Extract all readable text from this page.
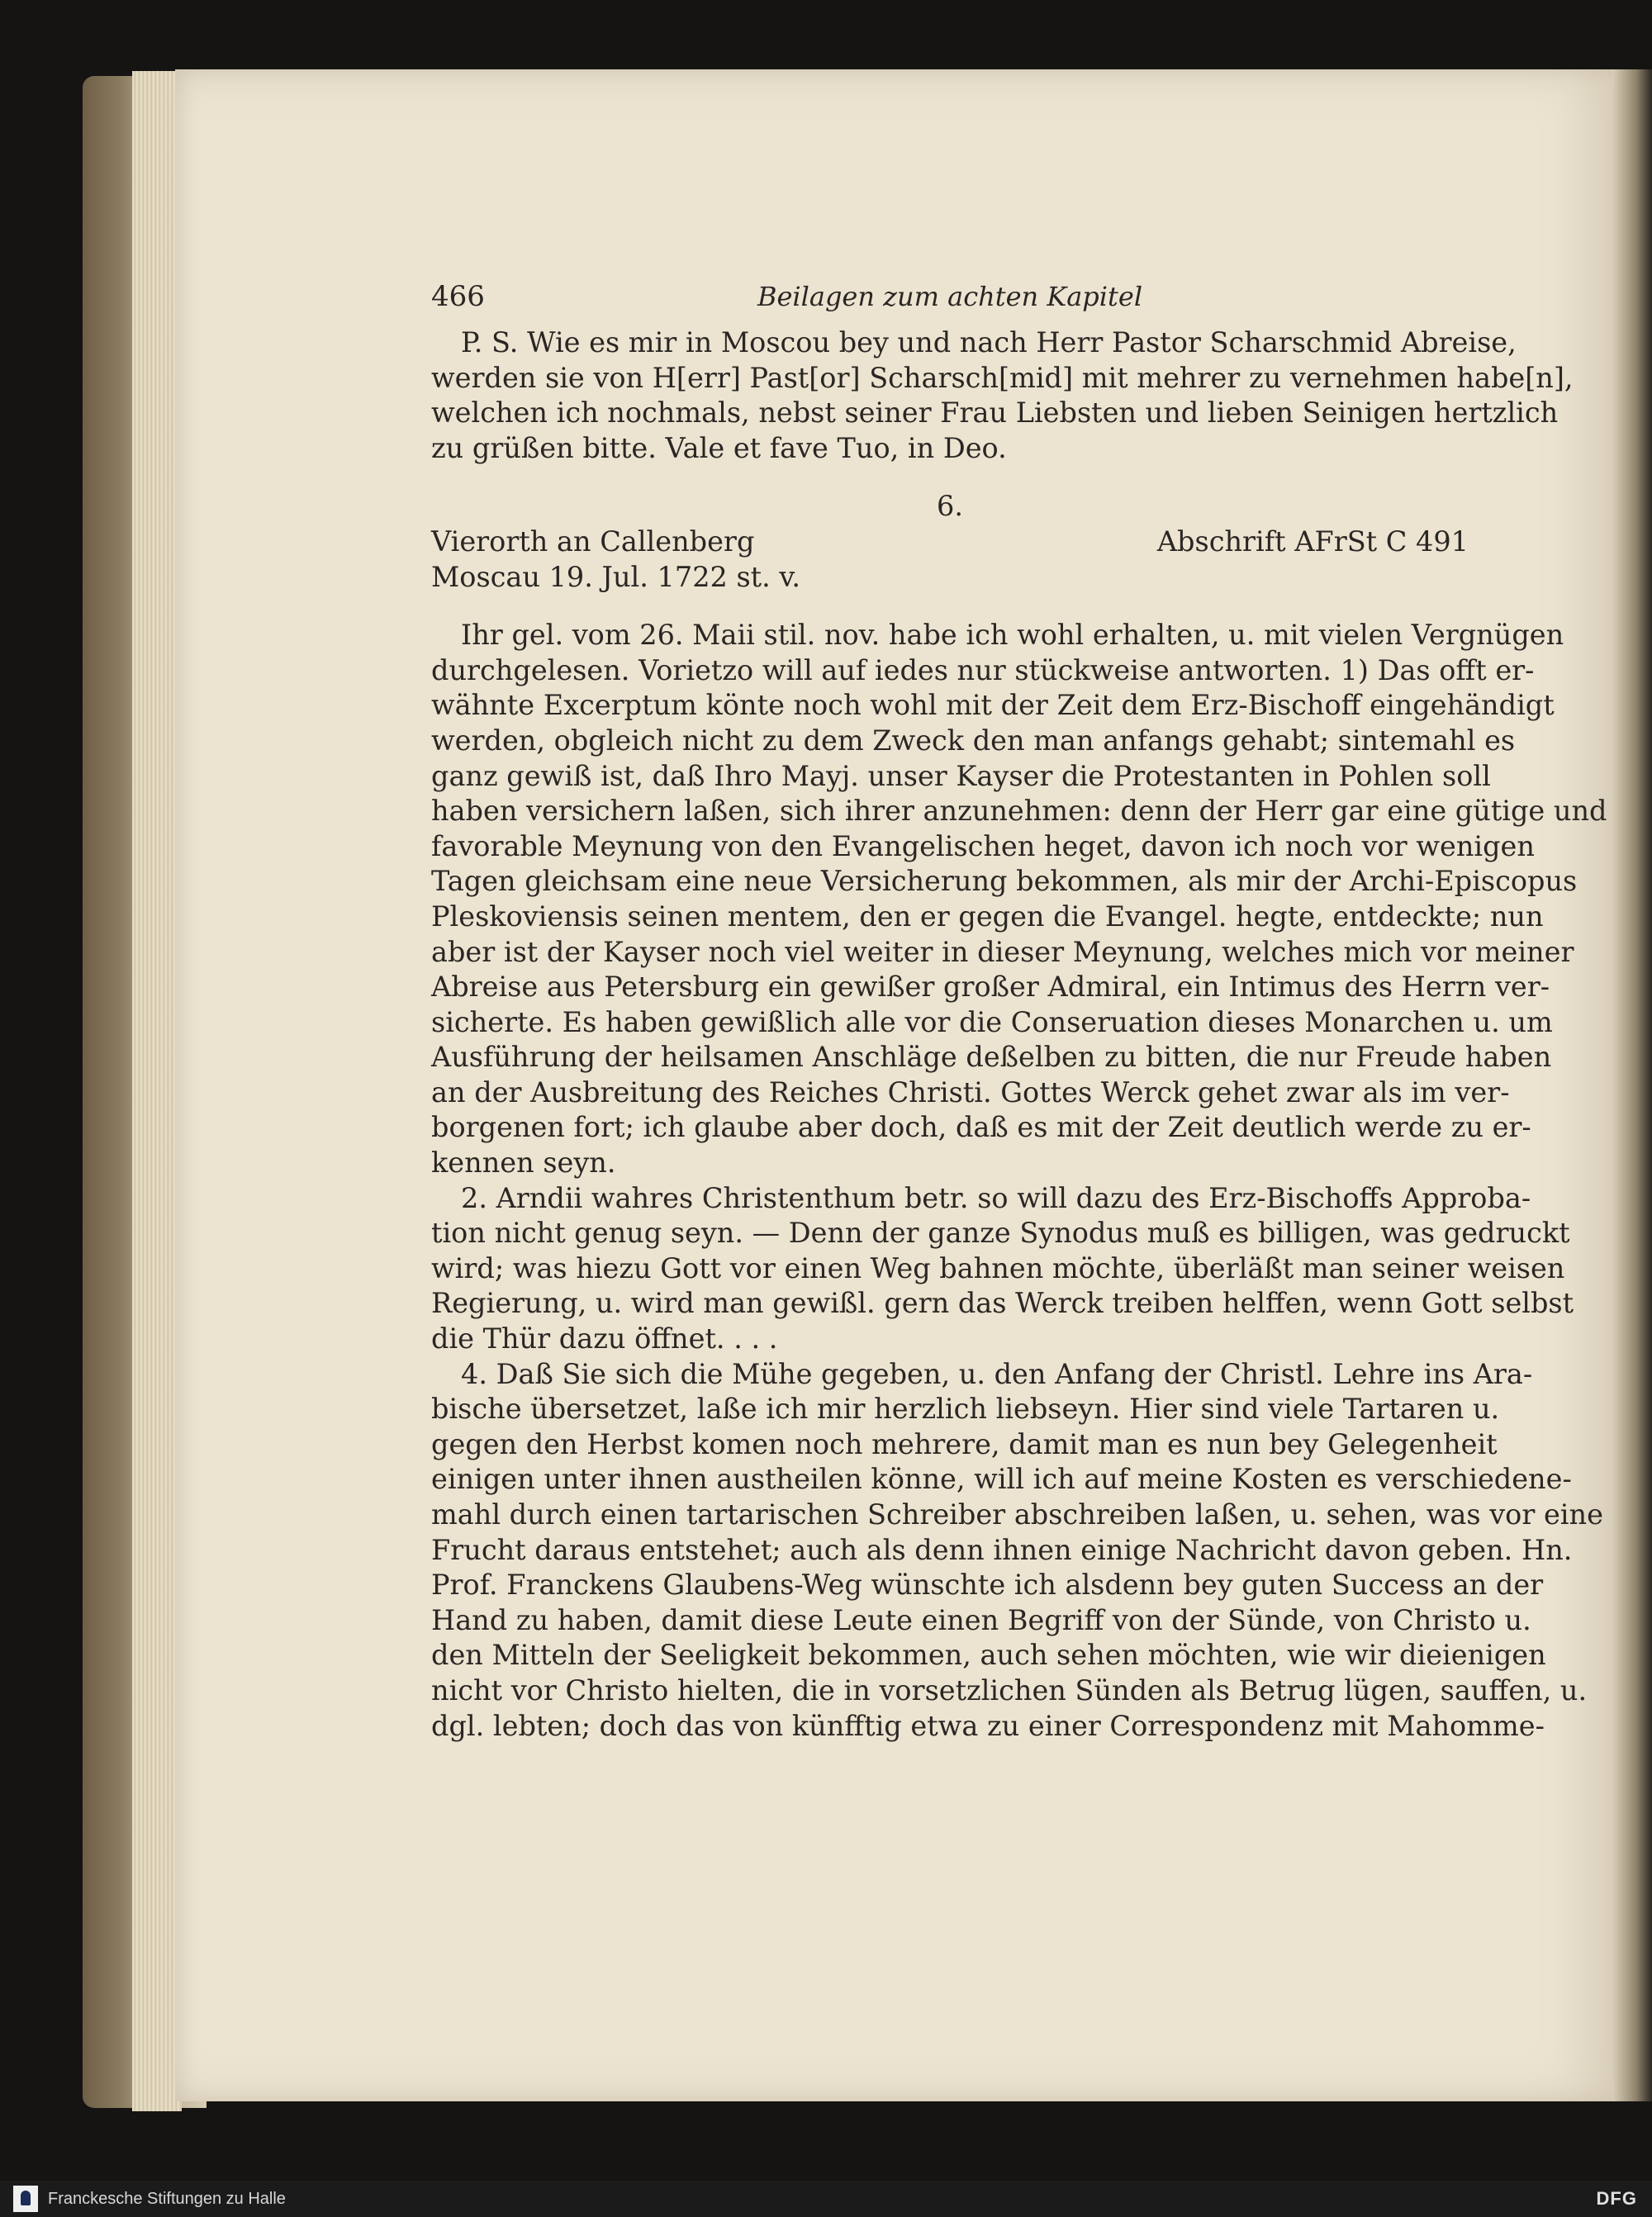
466	Beilagen zum achten Kapitel
P. S. Wie es mir in Moscou bey und nach Herr Pastor Scharschmid Abreise,
werden sie von H[err] Past[or] Scharsch[mid] mit mehrer zu vernehmen habe[n],
welchen ich nochmals, nebst seiner Frau Liebsten und lieben Seinigen hertzlich
zu grüßen bitte. Vale et fave Tuo, in Deo.
6.
Vierorth an Callenberg	Abschrift AFrSt C 491
Moscau 19. Jul. 1722 st. v.
Ihr gel. vom 26. Maii stil. nov. habe ich wohl erhalten, u. mit vielen Vergnügen
durchgelesen. Vorietzo will auf iedes nur stückweise antworten. 1) Das offt er-
wähnte Excerptum könte noch wohl mit der Zeit dem Erz-Bischoff eingehändigt
werden, obgleich nicht zu dem Zweck den man anfangs gehabt; sintemahl es
ganz gewiß ist, daß Ihro Mayj. unser Kayser die Protestanten in Pohlen soll
haben versichern laßen, sich ihrer anzunehmen: denn der Herr gar eine gütige und
favorable Meynung von den Evangelischen heget, davon ich noch vor wenigen
Tagen gleichsam eine neue Versicherung bekommen, als mir der Archi-Episcopus
Pleskoviensis seinen mentem, den er gegen die Evangel. hegte, entdeckte; nun
aber ist der Kayser noch viel weiter in dieser Meynung, welches mich vor meiner
Abreise aus Petersburg ein gewißer großer Admiral, ein Intimus des Herrn ver-
sicherte. Es haben gewißlich alle vor die Conseruation dieses Monarchen u. um
Ausführung der heilsamen Anschläge deßelben zu bitten, die nur Freude haben
an der Ausbreitung des Reiches Christi. Gottes Werck gehet zwar als im ver-
borgenen fort; ich glaube aber doch, daß es mit der Zeit deutlich werde zu er-
kennen seyn.
2. Arndii wahres Christenthum betr. so will dazu des Erz-Bischoffs Approba-
tion nicht genug seyn. — Denn der ganze Synodus muß es billigen, was gedruckt
wird; was hiezu Gott vor einen Weg bahnen möchte, überläßt man seiner weisen
Regierung, u. wird man gewißl. gern das Werck treiben helffen, wenn Gott selbst
die Thür dazu öffnet. . . .
4. Daß Sie sich die Mühe gegeben, u. den Anfang der Christl. Lehre ins Ara-
bische übersetzet, laße ich mir herzlich liebseyn. Hier sind viele Tartaren u.
gegen den Herbst komen noch mehrere, damit man es nun bey Gelegenheit
einigen unter ihnen austheilen könne, will ich auf meine Kosten es verschiedene-
mahl durch einen tartarischen Schreiber abschreiben laßen, u. sehen, was vor eine
Frucht daraus entstehet; auch als denn ihnen einige Nachricht davon geben. Hn.
Prof. Franckens Glaubens-Weg wünschte ich alsdenn bey guten Success an der
Hand zu haben, damit diese Leute einen Begriff von der Sünde, von Christo u.
den Mitteln der Seeligkeit bekommen, auch sehen möchten, wie wir dieienigen
nicht vor Christo hielten, die in vorsetzlichen Sünden als Betrug lügen, sauffen, u.
dgl. lebten; doch das von künfftig etwa zu einer Correspondenz mit Mahomme-
Franckesche Stiftungen zu Halle	DFG
